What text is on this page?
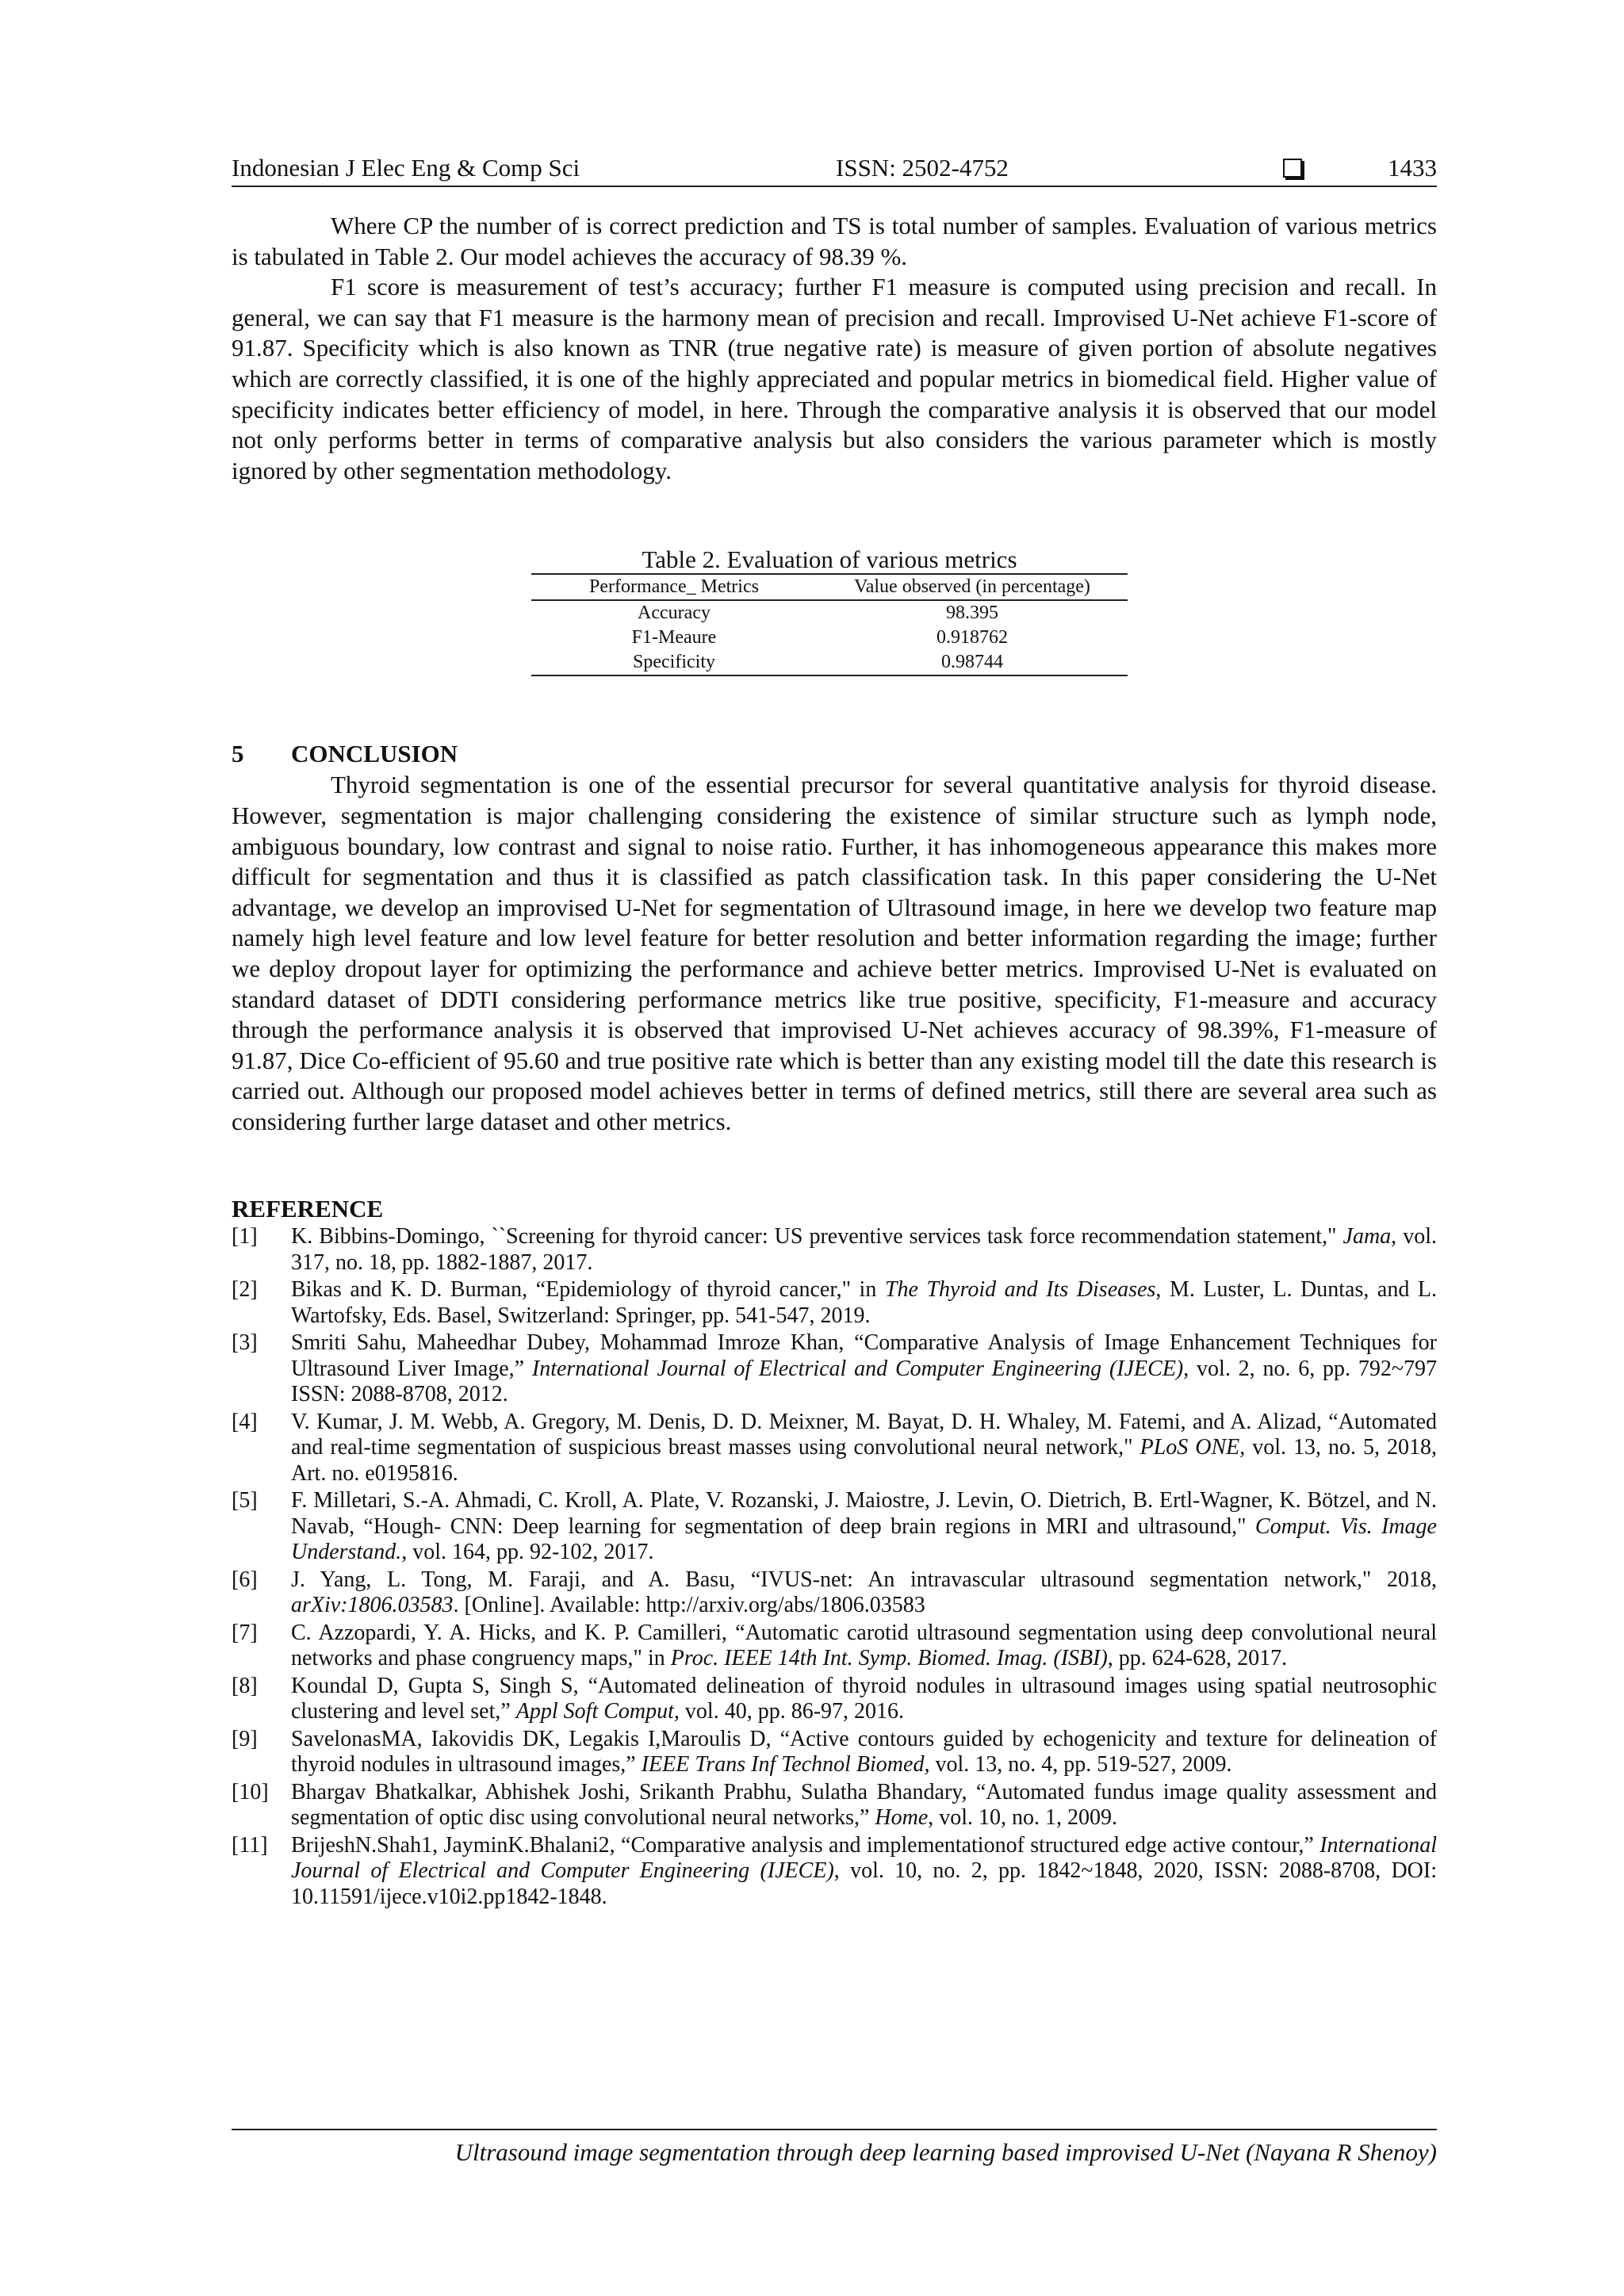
Indonesian J Elec Eng & Comp Sci	ISSN: 2502-4752	1433

Where CP the number of is correct prediction and TS is total number of samples. Evaluation of various metrics is tabulated in Table 2. Our model achieves the accuracy of 98.39 %.

F1 score is measurement of test’s accuracy; further F1 measure is computed using precision and recall. In general, we can say that F1 measure is the harmony mean of precision and recall. Improvised U-Net achieve F1-score of 91.87. Specificity which is also known as TNR (true negative rate) is measure of given portion of absolute negatives which are correctly classified, it is one of the highly appreciated and popular metrics in biomedical field. Higher value of specificity indicates better efficiency of model, in here. Through the comparative analysis it is observed that our model not only performs better in terms of comparative analysis but also considers the various parameter which is mostly ignored by other segmentation methodology.

Table 2. Evaluation of various metrics
Performance_ Metrics	Value observed (in percentage)
Accuracy	98.395
F1-Meaure	0.918762
Specificity	0.98744
5 CONCLUSION

Thyroid segmentation is one of the essential precursor for several quantitative analysis for thyroid disease. However, segmentation is major challenging considering the existence of similar structure such as lymph node, ambiguous boundary, low contrast and signal to noise ratio. Further, it has inhomogeneous appearance this makes more difficult for segmentation and thus it is classified as patch classification task. In this paper considering the U-Net advantage, we develop an improvised U-Net for segmentation of Ultrasound image, in here we develop two feature map namely high level feature and low level feature for better resolution and better information regarding the image; further we deploy dropout layer for optimizing the performance and achieve better metrics. Improvised U-Net is evaluated on standard dataset of DDTI considering performance metrics like true positive, specificity, F1-measure and accuracy through the performance analysis it is observed that improvised U-Net achieves accuracy of 98.39%, F1-measure of 91.87, Dice Co-efficient of 95.60 and true positive rate which is better than any existing model till the date this research is carried out. Although our proposed model achieves better in terms of defined metrics, still there are several area such as considering further large dataset and other metrics.

REFERENCE
[1] K. Bibbins-Domingo, ``Screening for thyroid cancer: US preventive services task force recommendation statement," Jama, vol. 317, no. 18, pp. 1882-1887, 2017.
[2] Bikas and K. D. Burman, “Epidemiology of thyroid cancer," in The Thyroid and Its Diseases, M. Luster, L. Duntas, and L. Wartofsky, Eds. Basel, Switzerland: Springer, pp. 541-547, 2019.
[3] Smriti Sahu, Maheedhar Dubey, Mohammad Imroze Khan, “Comparative Analysis of Image Enhancement Techniques for Ultrasound Liver Image,” International Journal of Electrical and Computer Engineering (IJECE), vol. 2, no. 6, pp. 792~797 ISSN: 2088-8708, 2012.
[4] V. Kumar, J. M. Webb, A. Gregory, M. Denis, D. D. Meixner, M. Bayat, D. H. Whaley, M. Fatemi, and A. Alizad, “Automated and real-time segmentation of suspicious breast masses using convolutional neural network," PLoS ONE, vol. 13, no. 5, 2018, Art. no. e0195816.
[5] F. Milletari, S.-A. Ahmadi, C. Kroll, A. Plate, V. Rozanski, J. Maiostre, J. Levin, O. Dietrich, B. Ertl-Wagner, K. Bötzel, and N. Navab, “Hough- CNN: Deep learning for segmentation of deep brain regions in MRI and ultrasound," Comput. Vis. Image Understand., vol. 164, pp. 92-102, 2017.
[6] J. Yang, L. Tong, M. Faraji, and A. Basu, “IVUS-net: An intravascular ultrasound segmentation network," 2018, arXiv:1806.03583. [Online]. Available: http://arxiv.org/abs/1806.03583
[7] C. Azzopardi, Y. A. Hicks, and K. P. Camilleri, “Automatic carotid ultrasound segmentation using deep convolutional neural networks and phase congruency maps," in Proc. IEEE 14th Int. Symp. Biomed. Imag. (ISBI), pp. 624-628, 2017.
[8] Koundal D, Gupta S, Singh S, “Automated delineation of thyroid nodules in ultrasound images using spatial neutrosophic clustering and level set,” Appl Soft Comput, vol. 40, pp. 86-97, 2016.
[9] SavelonasMA, Iakovidis DK, Legakis I,Maroulis D, “Active contours guided by echogenicity and texture for delineation of thyroid nodules in ultrasound images,” IEEE Trans Inf Technol Biomed, vol. 13, no. 4, pp. 519-527, 2009.
[10] Bhargav Bhatkalkar, Abhishek Joshi, Srikanth Prabhu, Sulatha Bhandary, “Automated fundus image quality assessment and segmentation of optic disc using convolutional neural networks,” Home, vol. 10, no. 1, 2009.
[11] BrijeshN.Shah1, JayminK.Bhalani2, “Comparative analysis and implementationof structured edge active contour,” International Journal of Electrical and Computer Engineering (IJECE), vol. 10, no. 2, pp. 1842~1848, 2020, ISSN: 2088-8708, DOI: 10.11591/ijece.v10i2.pp1842-1848.
Ultrasound image segmentation through deep learning based improvised U-Net (Nayana R Shenoy)
